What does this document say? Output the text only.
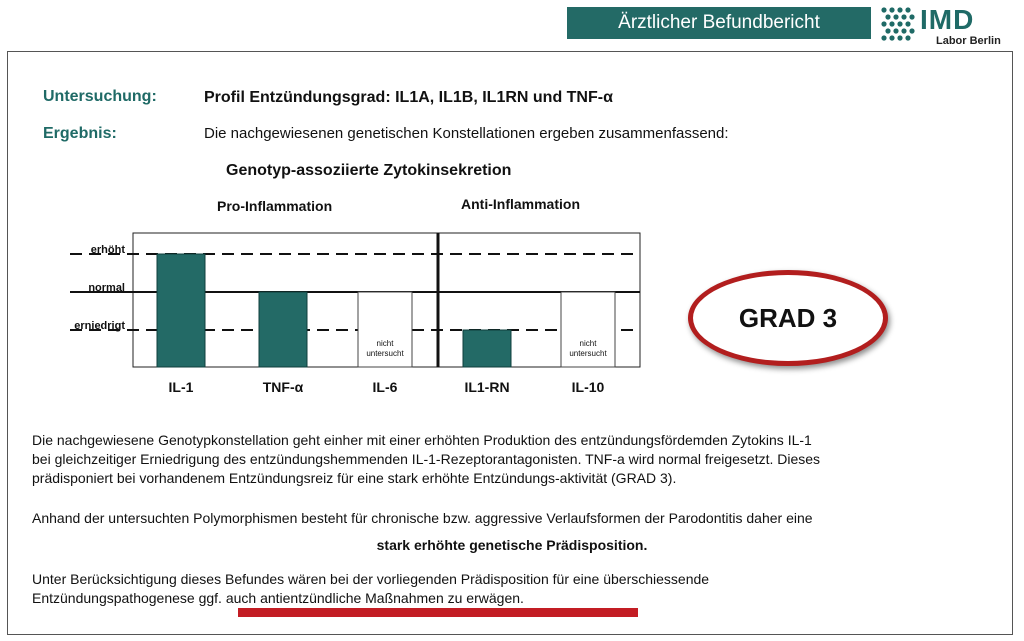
Ärztlicher Befundbericht	IMD
Labor Berlin
Untersuchung:	Profil Entzündungsgrad: IL1A, IL1B, IL1RN und TNF-α
Ergebnis:	Die nachgewiesenen genetischen Konstellationen ergeben zusammenfassend:
Genotyp-assoziierte Zytokinsekretion
Pro-Inflammation	Anti-Inflammation
erniedrigt
normal
erhöht
IL-1	TNF-α
nicht
untersucht
IL-6	IL1-RN
nicht
untersucht
IL-10
GRAD 3
Die nachgewiesene Genotypkonstellation geht einher mit einer erhöhten Produktion des entzündungsfördemden Zytokins IL-1
bei gleichzeitiger Erniedrigung des entzündungshemmenden IL-1-Rezeptorantagonisten. TNF-a wird normal freigesetzt. Dieses
prädisponiert bei vorhandenem Entzündungsreiz für eine stark erhöhte Entzündungs-aktivität (GRAD 3).
Anhand der untersuchten Polymorphismen besteht für chronische bzw. aggressive Verlaufsformen der Parodontitis daher eine
stark erhöhte genetische Prädisposition.
Unter Berücksichtigung dieses Befundes wären bei der vorliegenden Prädisposition für eine überschiessende
Entzündungspathogenese ggf. auch antientzündliche Maßnahmen zu erwägen.
